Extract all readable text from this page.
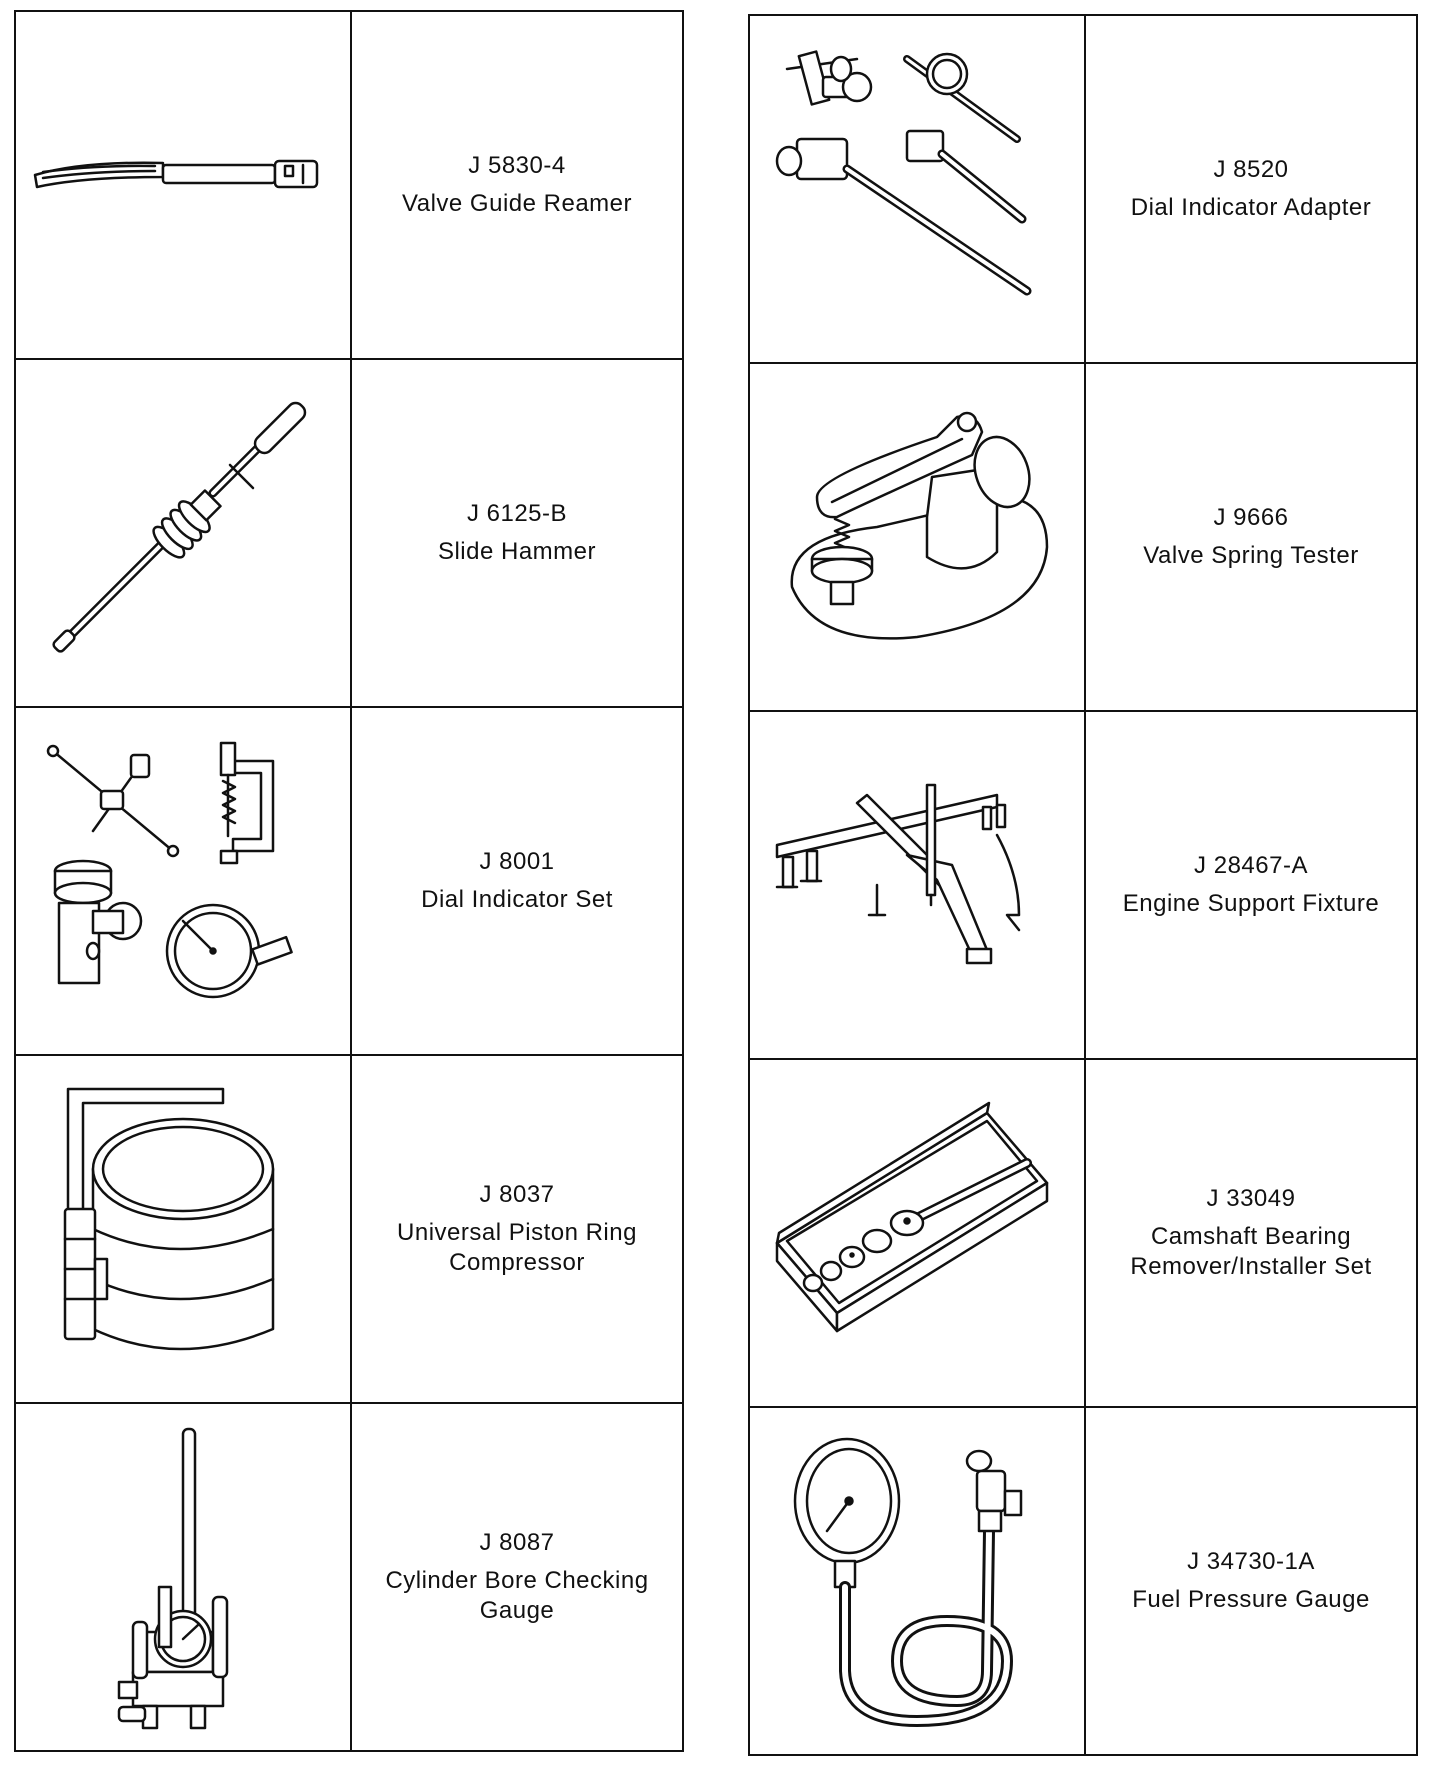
J 5830-4
Valve Guide Reamer

J 6125-B
Slide Hammer

J 8001
Dial Indicator Set

J 8037
Universal Piston Ring
Compressor

J 8087
Cylinder Bore Checking
Gauge

J 8520
Dial Indicator Adapter

J 9666
Valve Spring Tester

J 28467-A
Engine Support Fixture

J 33049
Camshaft Bearing
Remover/Installer Set

J 34730-1A
Fuel Pressure Gauge
